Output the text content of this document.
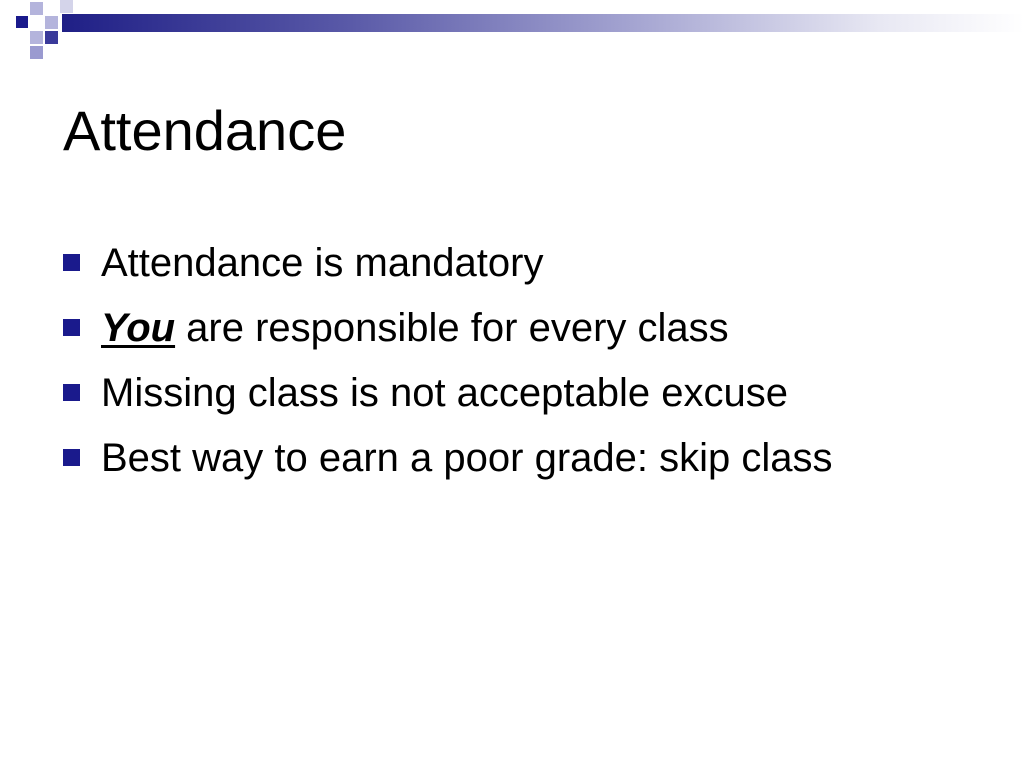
Attendance
Attendance is mandatory
You are responsible for every class
Missing class is not acceptable excuse
Best way to earn a poor grade: skip class
